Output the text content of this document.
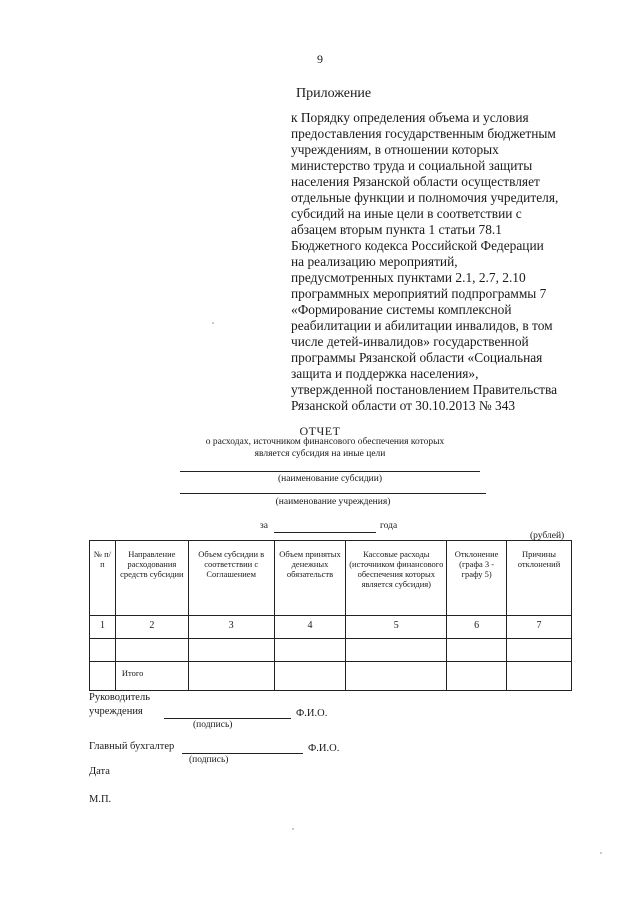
9
Приложение
к Порядку определения объема и условия
предоставления государственным бюджетным
учреждениям, в отношении которых
министерство труда и социальной защиты
населения Рязанской области осуществляет
отдельные функции и полномочия учредителя,
субсидий на иные цели в соответствии с
абзацем вторым пункта 1 статьи 78.1
Бюджетного кодекса Российской Федерации
на реализацию мероприятий,
предусмотренных пунктами 2.1, 2.7, 2.10
программных мероприятий подпрограммы 7
«Формирование системы комплексной
реабилитации и абилитации инвалидов, в том
числе детей-инвалидов» государственной
программы Рязанской области «Социальная
защита и поддержка населения»,
утвержденной постановлением Правительства
Рязанской области от 30.10.2013 № 343
ОТЧЕТ
о расходах, источником финансового обеспечения которых
является субсидия на иные цели
(наименование субсидии)
(наименование учреждения)
за	года
(рублей)
№ п/п	Направление расходования средств субсидии	Объем субсидии в соответствии с Соглашением	Объем принятых денежных обязательств	Кассовые расходы (источником финансового обеспечения которых является субсидия)	Отклонение (графа 3 - графу 5)	Причины отклонений
1	2	3	4	5	6	7

	Итого					
Руководитель
учреждения	Ф.И.О.
(подпись)
Главный бухгалтер	Ф.И.О.
(подпись)
Дата
М.П.
